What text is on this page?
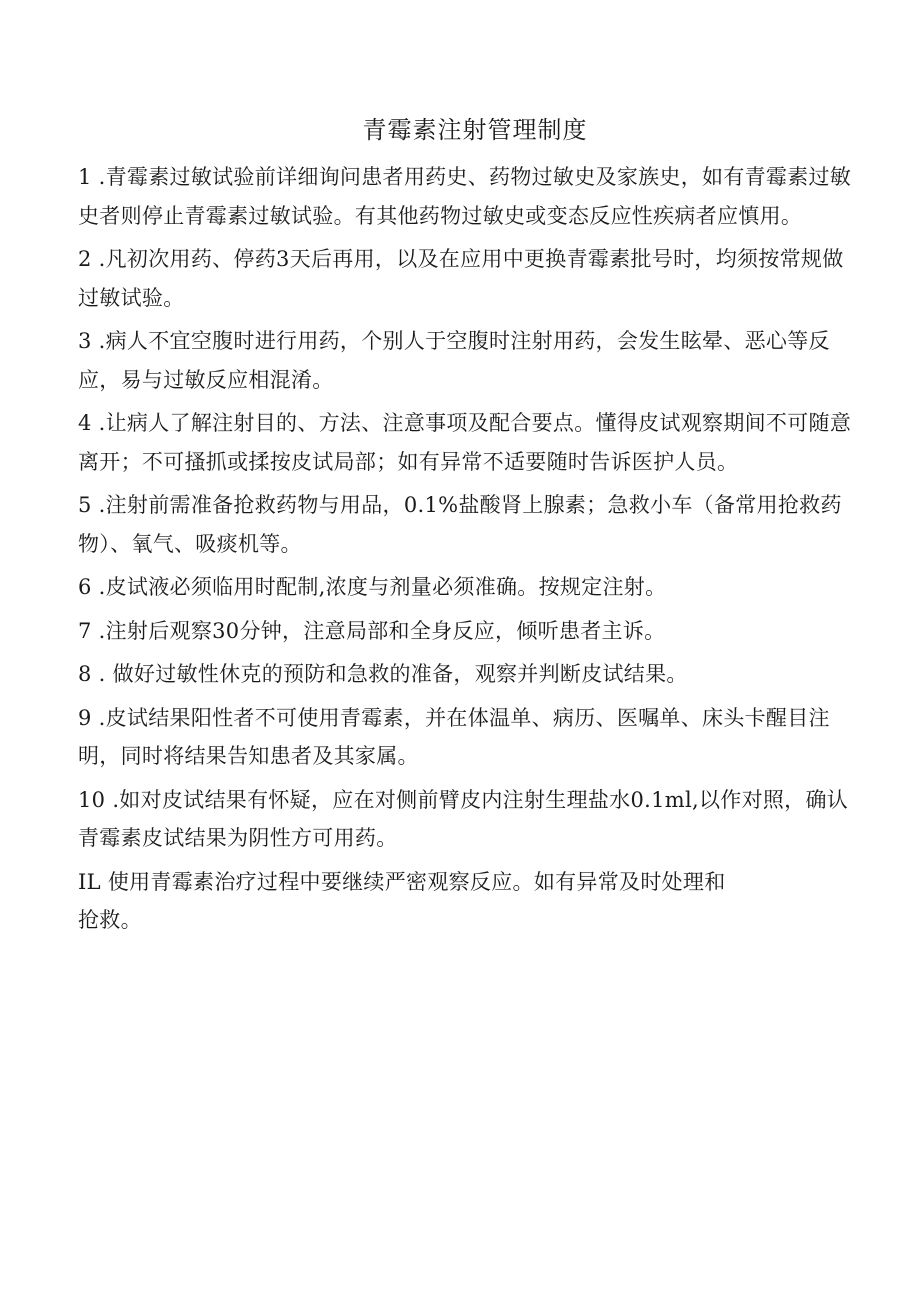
青霉素注射管理制度
1 .青霉素过敏试验前详细询问患者用药史、药物过敏史及家族史，如有青霉素过敏史者则停止青霉素过敏试验。有其他药物过敏史或变态反应性疾病者应慎用。
2 .凡初次用药、停药3天后再用，以及在应用中更换青霉素批号时，均须按常规做过敏试验。
3 .病人不宜空腹时进行用药，个别人于空腹时注射用药，会发生眩晕、恶心等反应，易与过敏反应相混淆。
4 .让病人了解注射目的、方法、注意事项及配合要点。懂得皮试观察期间不可随意离开；不可搔抓或揉按皮试局部；如有异常不适要随时告诉医护人员。
5 .注射前需准备抢救药物与用品，0.1%盐酸肾上腺素；急救小车（备常用抢救药物）、氧气、吸痰机等。
6 .皮试液必须临用时配制,浓度与剂量必须准确。按规定注射。
7 .注射后观察30分钟，注意局部和全身反应，倾听患者主诉。
8 . 做好过敏性休克的预防和急救的准备，观察并判断皮试结果。
9 .皮试结果阳性者不可使用青霉素，并在体温单、病历、医嘱单、床头卡醒目注明，同时将结果告知患者及其家属。
10 .如对皮试结果有怀疑，应在对侧前臂皮内注射生理盐水0.1ml,以作对照，确认青霉素皮试结果为阴性方可用药。
IL 使用青霉素治疗过程中要继续严密观察反应。如有异常及时处理和抢救。
